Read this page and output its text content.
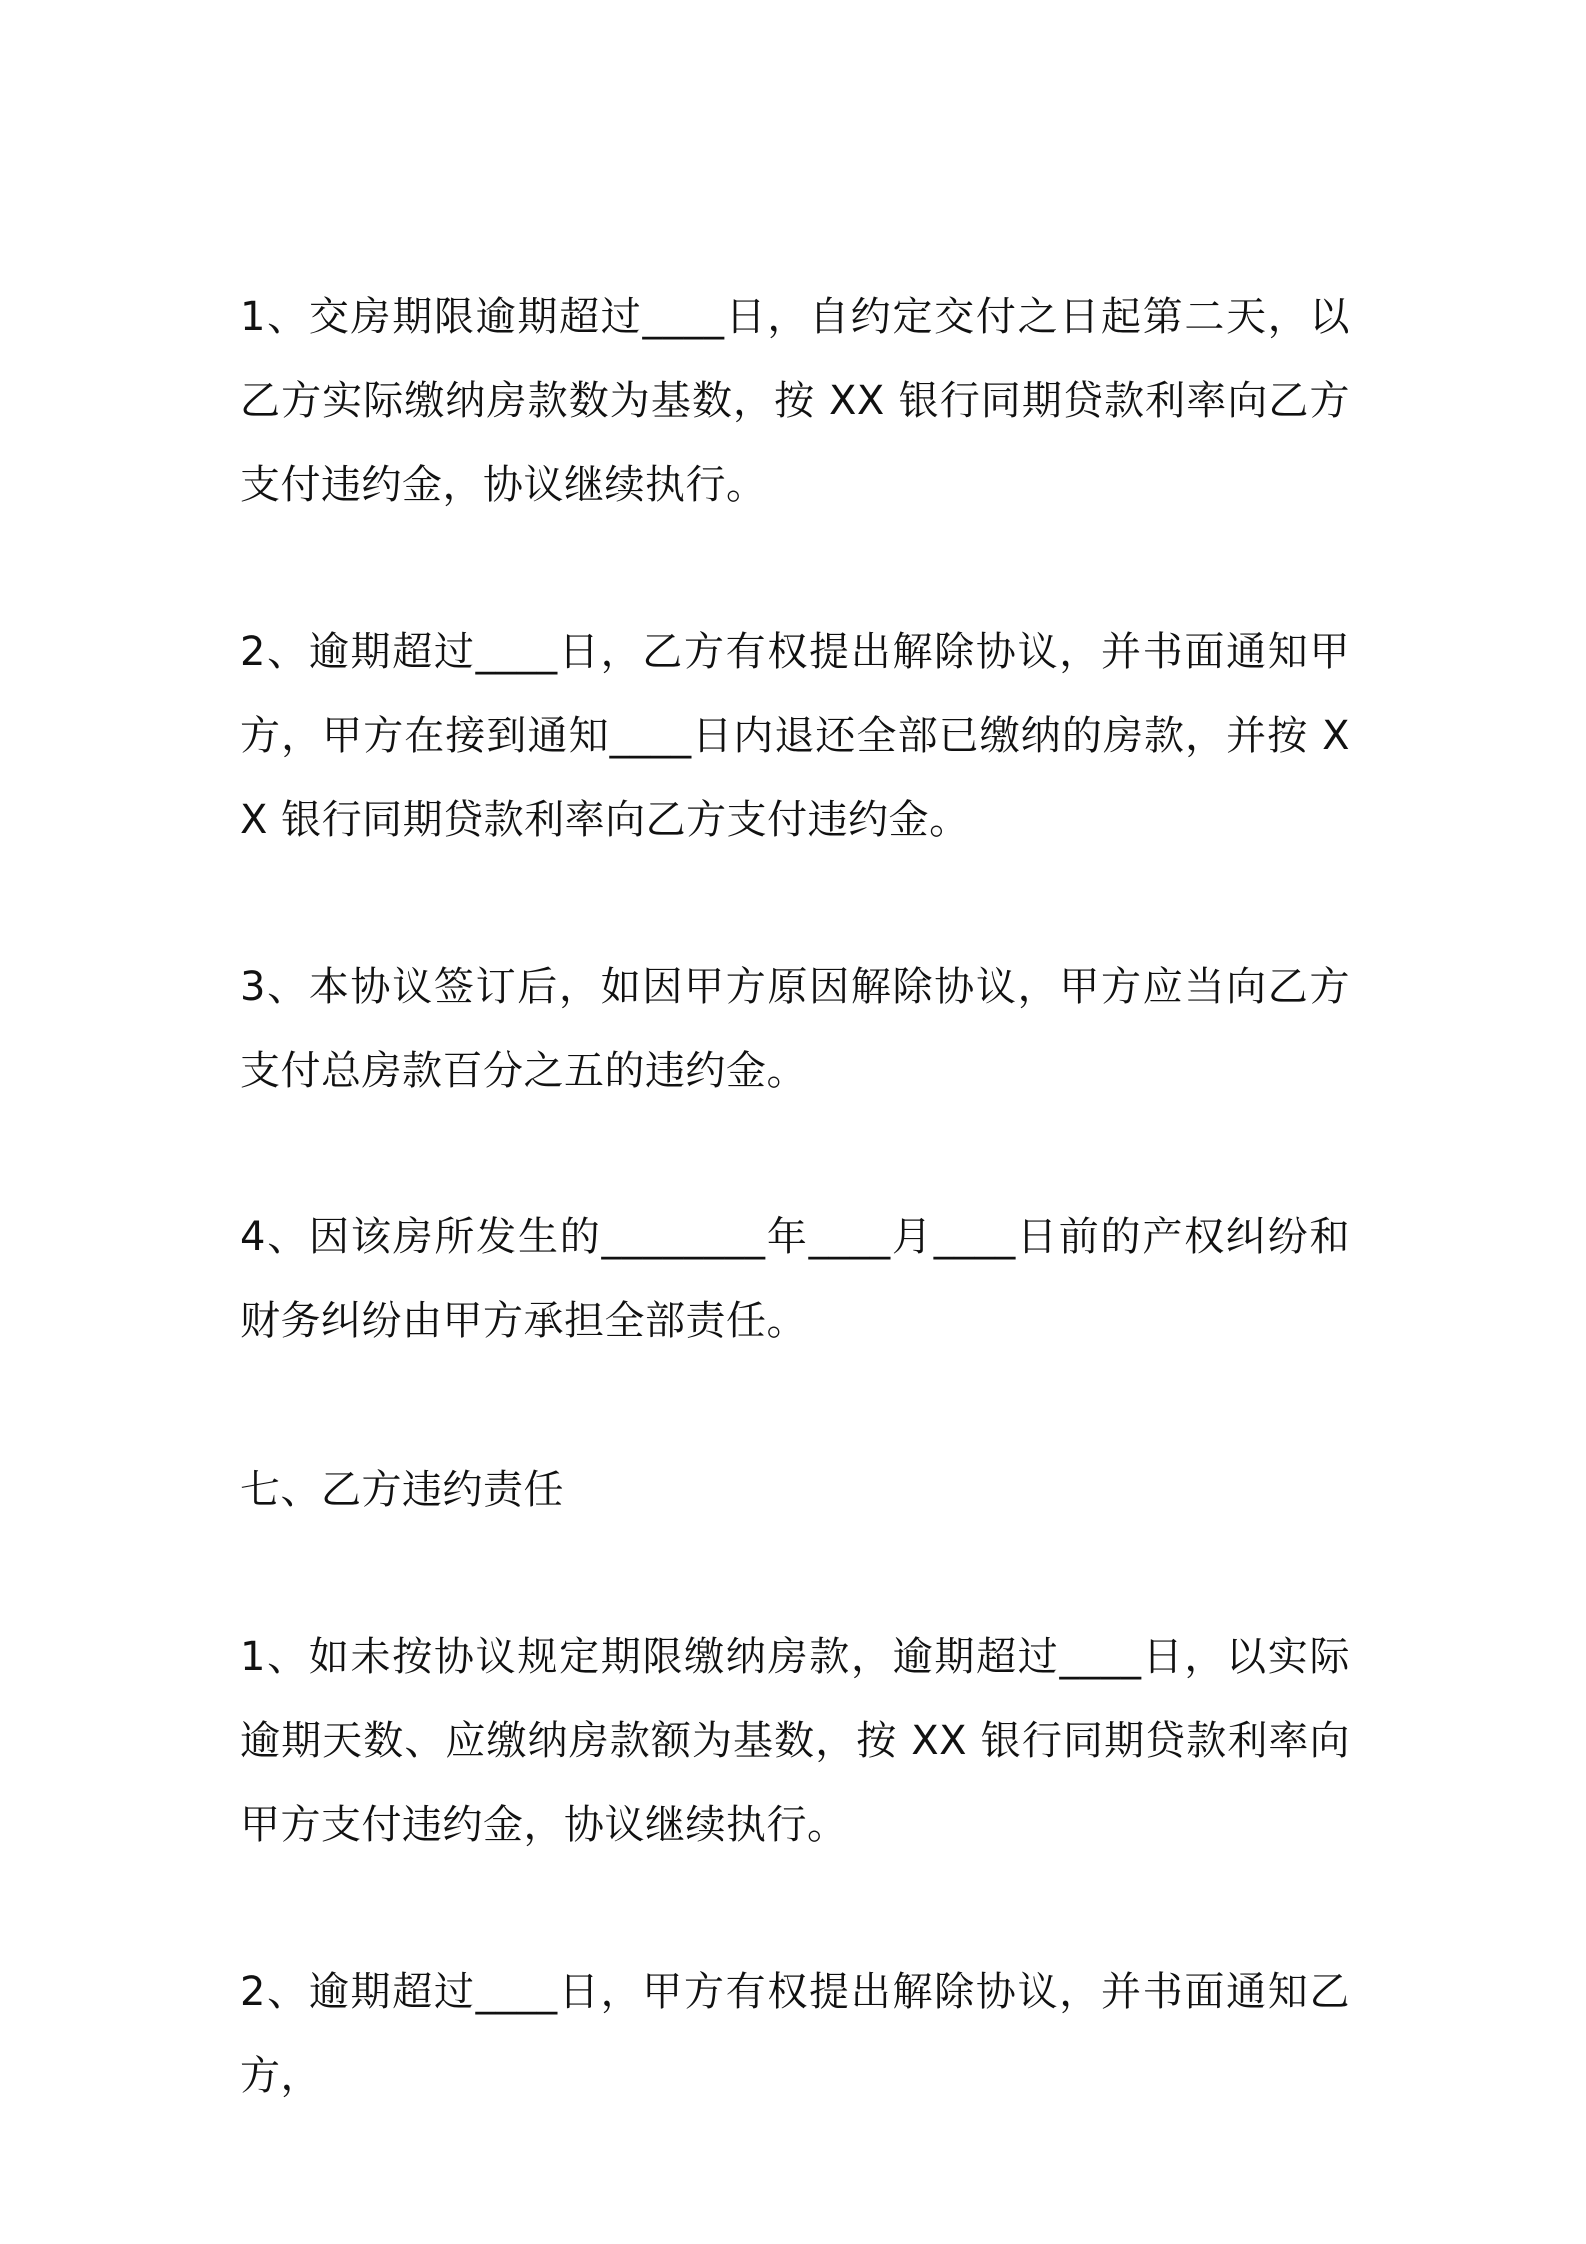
1、交房期限逾期超过____日，自约定交付之日起第二天，以乙方实际缴纳房款数为基数，按 XX 银行同期贷款利率向乙方支付违约金，协议继续执行。

2、逾期超过____日，乙方有权提出解除协议，并书面通知甲方，甲方在接到通知____日内退还全部已缴纳的房款，并按 XX 银行同期贷款利率向乙方支付违约金。

3、本协议签订后，如因甲方原因解除协议，甲方应当向乙方支付总房款百分之五的违约金。

4、因该房所发生的________年____月____日前的产权纠纷和财务纠纷由甲方承担全部责任。

七、乙方违约责任

1、如未按协议规定期限缴纳房款，逾期超过____日，以实际逾期天数、应缴纳房款额为基数，按 XX 银行同期贷款利率向甲方支付违约金，协议继续执行。

2、逾期超过____日，甲方有权提出解除协议，并书面通知乙方，
